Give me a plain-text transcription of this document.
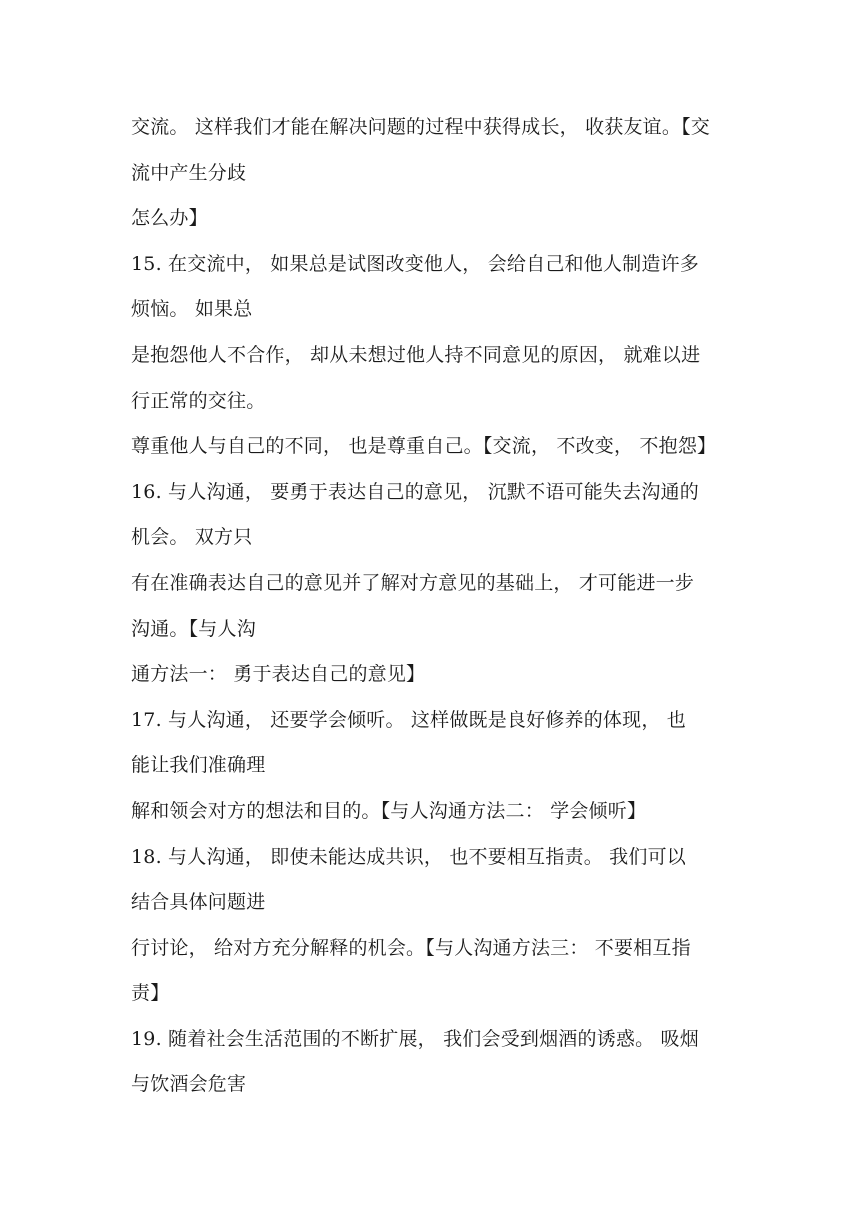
交流。 这样我们才能在解决问题的过程中获得成长， 收获友谊。【交
流中产生分歧
怎么办】
15. 在交流中， 如果总是试图改变他人， 会给自己和他人制造许多
烦恼。 如果总
是抱怨他人不合作， 却从未想过他人持不同意见的原因， 就难以进
行正常的交往。
尊重他人与自己的不同， 也是尊重自己。【交流， 不改变， 不抱怨】
16. 与人沟通， 要勇于表达自己的意见， 沉默不语可能失去沟通的
机会。 双方只
有在准确表达自己的意见并了解对方意见的基础上， 才可能进一步
沟通。【与人沟
通方法一： 勇于表达自己的意见】
17. 与人沟通， 还要学会倾听。 这样做既是良好修养的体现， 也
能让我们准确理
解和领会对方的想法和目的。【与人沟通方法二： 学会倾听】
18. 与人沟通， 即使未能达成共识， 也不要相互指责。 我们可以
结合具体问题进
行讨论， 给对方充分解释的机会。【与人沟通方法三： 不要相互指
责】
19. 随着社会生活范围的不断扩展， 我们会受到烟酒的诱惑。 吸烟
与饮酒会危害
